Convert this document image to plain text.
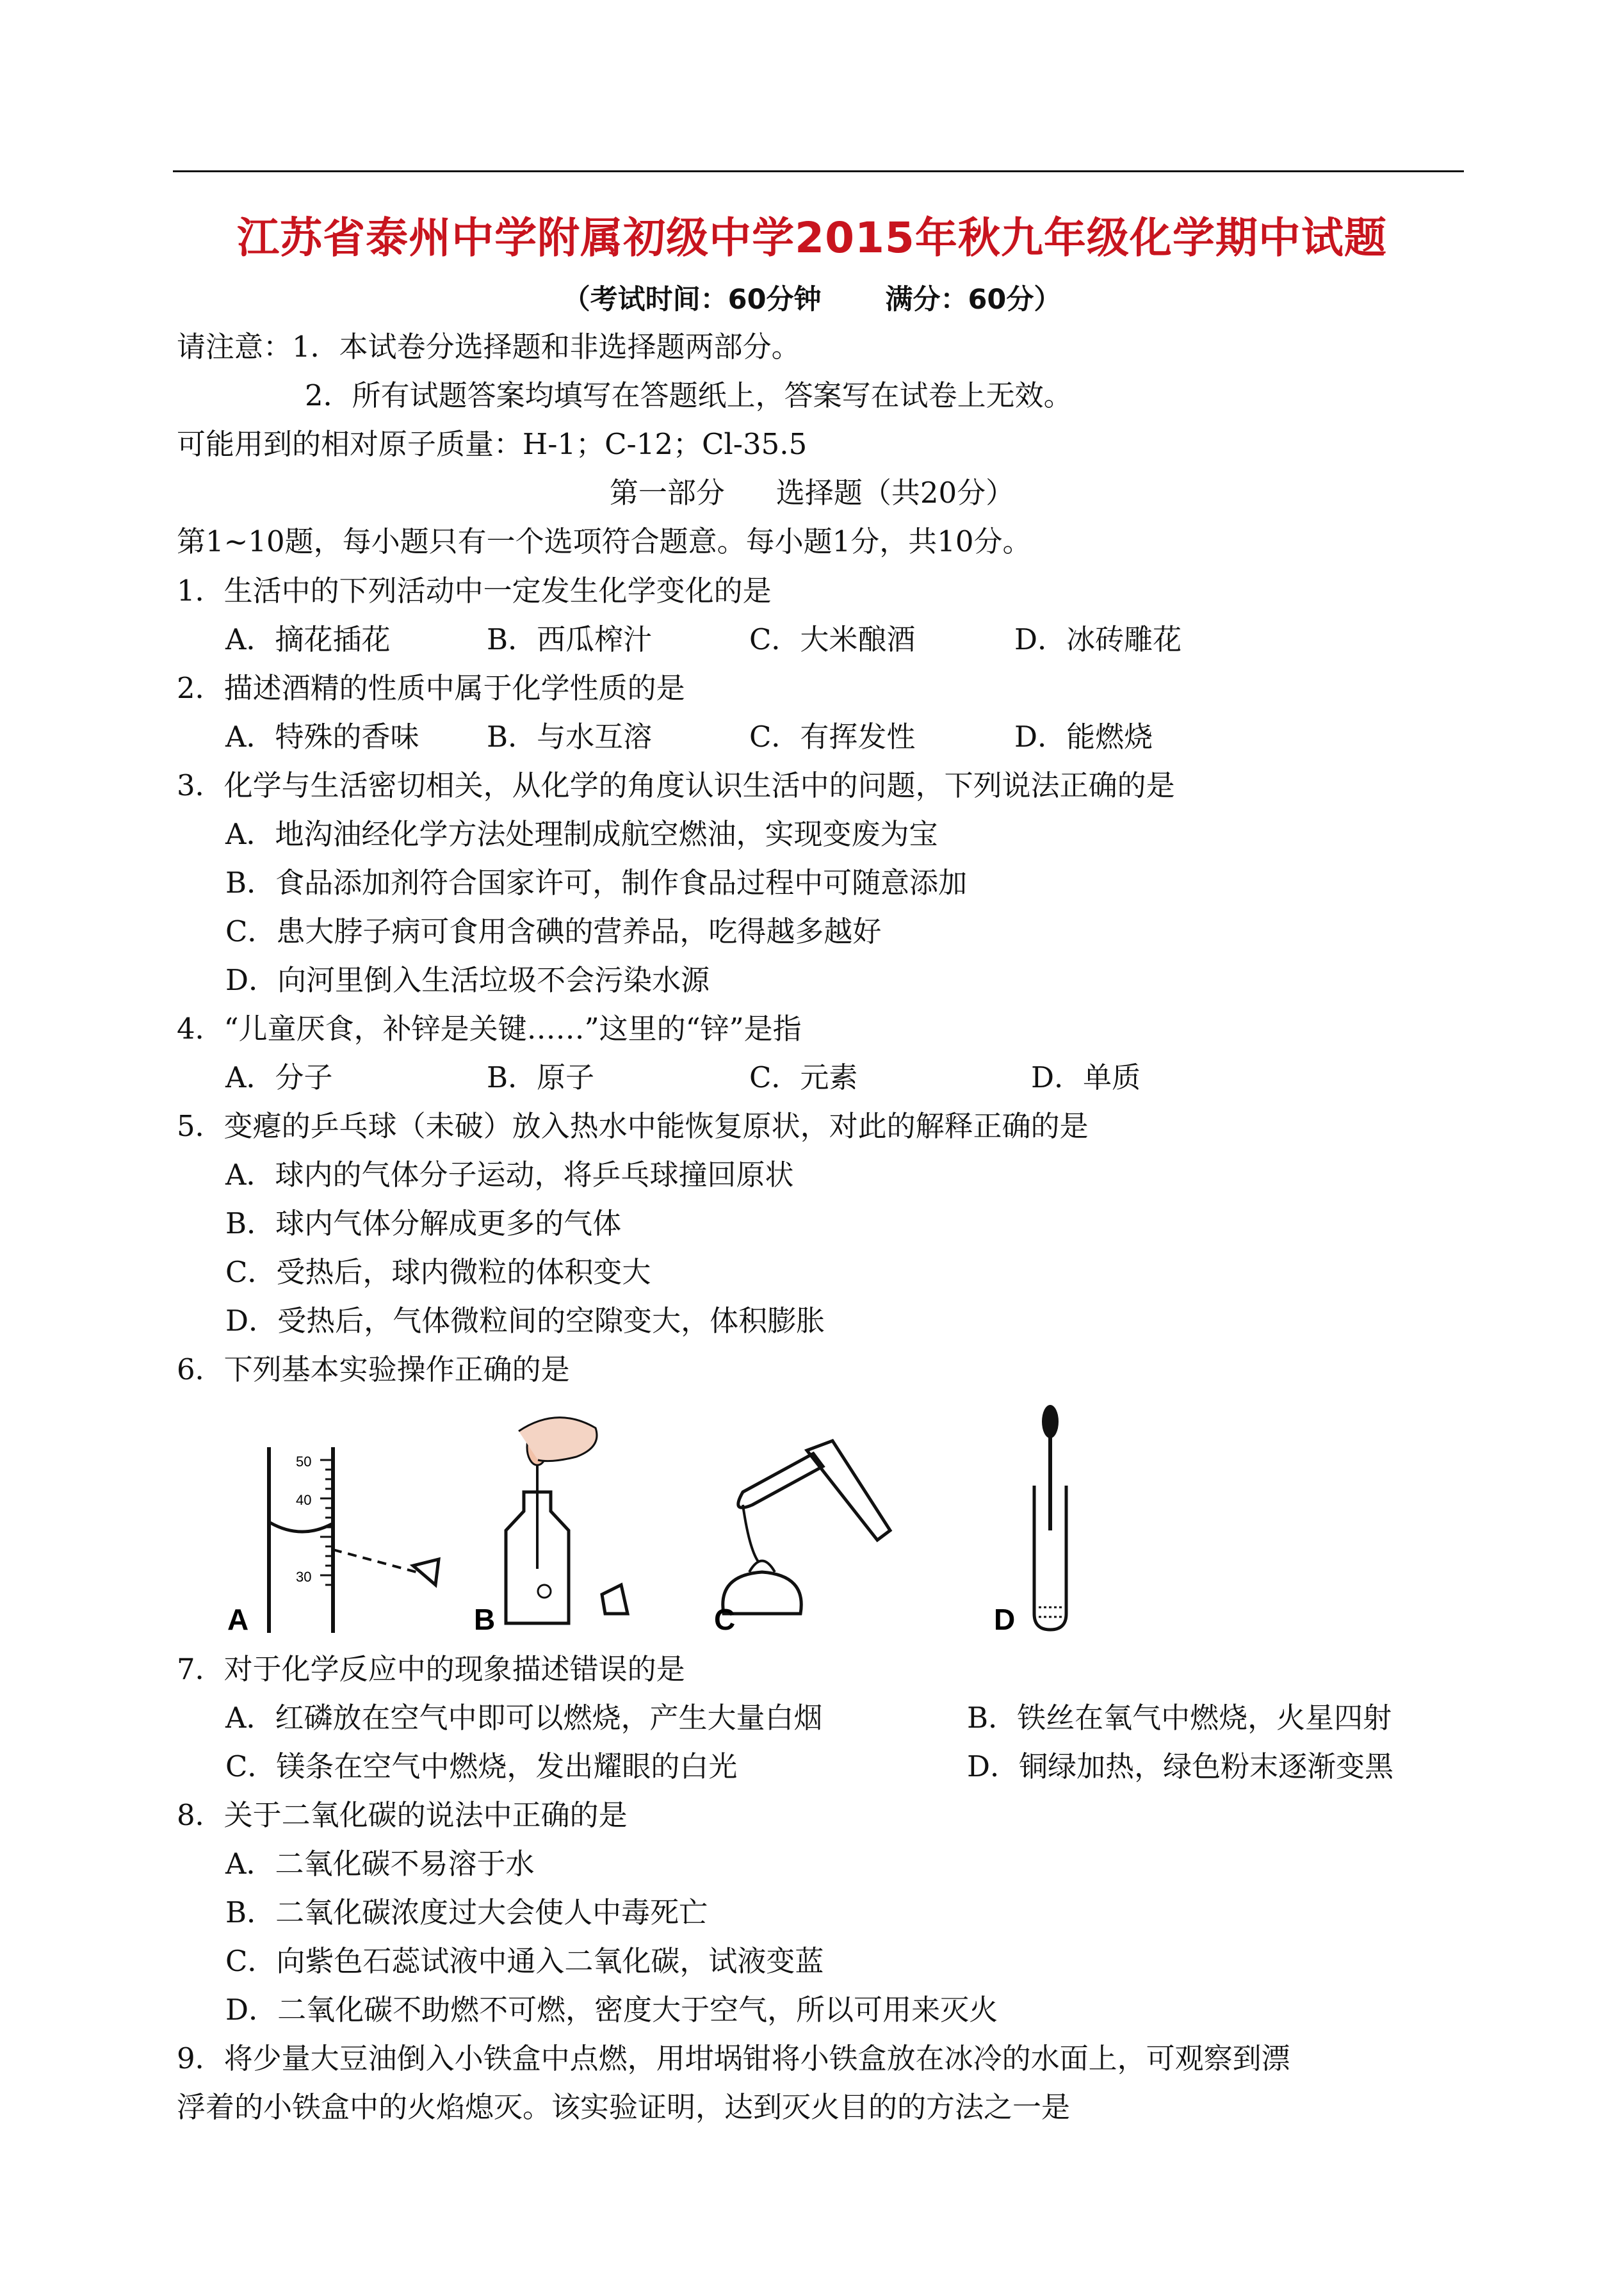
江苏省泰州中学附属初级中学2015年秋九年级化学期中试题
（考试时间：60分钟 满分：60分）
请注意：1．本试卷分选择题和非选择题两部分。
2．所有试题答案均填写在答题纸上，答案写在试卷上无效。
可能用到的相对原子质量：H-1；C-12；Cl-35.5
第一部分 选择题（共20分）
第1~10题，每小题只有一个选项符合题意。每小题1分，共10分。
1．生活中的下列活动中一定发生化学变化的是
A．摘花插花	B．西瓜榨汁	C．大米酿酒	D．冰砖雕花
2．描述酒精的性质中属于化学性质的是
A．特殊的香味 B．与水互溶	C．有挥发性	D．能燃烧
3．化学与生活密切相关，从化学的角度认识生活中的问题，下列说法正确的是
A．地沟油经化学方法处理制成航空燃油，实现变废为宝
B．食品添加剂符合国家许可，制作食品过程中可随意添加
C．患大脖子病可食用含碘的营养品，吃得越多越好
D．向河里倒入生活垃圾不会污染水源
4．“儿童厌食，补锌是关键……”这里的“锌”是指
A．分子	B．原子	C．元素	D．单质
5．变瘪的乒乓球（未破）放入热水中能恢复原状，对此的解释正确的是
A．球内的气体分子运动，将乒乓球撞回原状
B．球内气体分解成更多的气体
C．受热后，球内微粒的体积变大
D．受热后，气体微粒间的空隙变大，体积膨胀
6．下列基本实验操作正确的是
50
40
30
A	B	C	D
7．对于化学反应中的现象描述错误的是
A．红磷放在空气中即可以燃烧，产生大量白烟	B．铁丝在氧气中燃烧，火星四射
C．镁条在空气中燃烧，发出耀眼的白光	D．铜绿加热，绿色粉末逐渐变黑
8．关于二氧化碳的说法中正确的是
A．二氧化碳不易溶于水
B．二氧化碳浓度过大会使人中毒死亡
C．向紫色石蕊试液中通入二氧化碳，试液变蓝
D．二氧化碳不助燃不可燃，密度大于空气，所以可用来灭火
9．将少量大豆油倒入小铁盒中点燃，用坩埚钳将小铁盒放在冰冷的水面上，可观察到漂
浮着的小铁盒中的火焰熄灭。该实验证明，达到灭火目的的方法之一是
